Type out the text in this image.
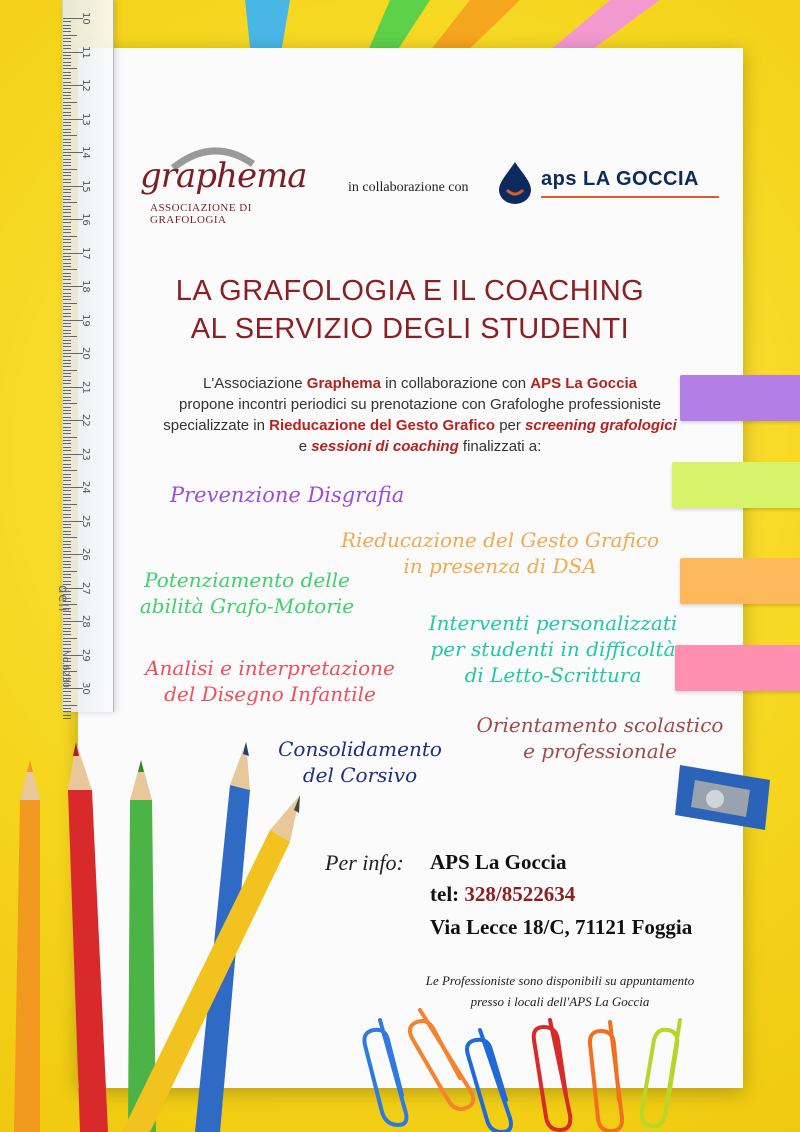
10
11
12
13
14
15
16
17
18
19
20
21
22
23
24
25
26
27
28
29
30
deli
No.6230
graphema
ASSOCIAZIONE DI GRAFOLOGIA
in collaborazione con	aps LA GOCCIA
LA GRAFOLOGIA E IL COACHING
AL SERVIZIO DEGLI STUDENTI
L'Associazione Graphema in collaborazione con APS La Goccia
propone incontri periodici su prenotazione con Grafologhe professioniste specializzate in Rieducazione del Gesto Grafico per screening grafologici e sessioni di coaching finalizzati a:
Prevenzione Disgrafia
Rieducazione del Gesto Grafico
in presenza di DSA
Potenziamento delle
abilità Grafo-Motorie
Interventi personalizzati
per studenti in difficoltà
di Letto-Scrittura
Analisi e interpretazione
del Disegno Infantile
Orientamento scolastico
e professionale
Consolidamento
del Corsivo
Per info: APS La Goccia
tel: 328/8522634
Via Lecce 18/C, 71121 Foggia
Le Professioniste sono disponibili su appuntamento
presso i locali dell'APS La Goccia
